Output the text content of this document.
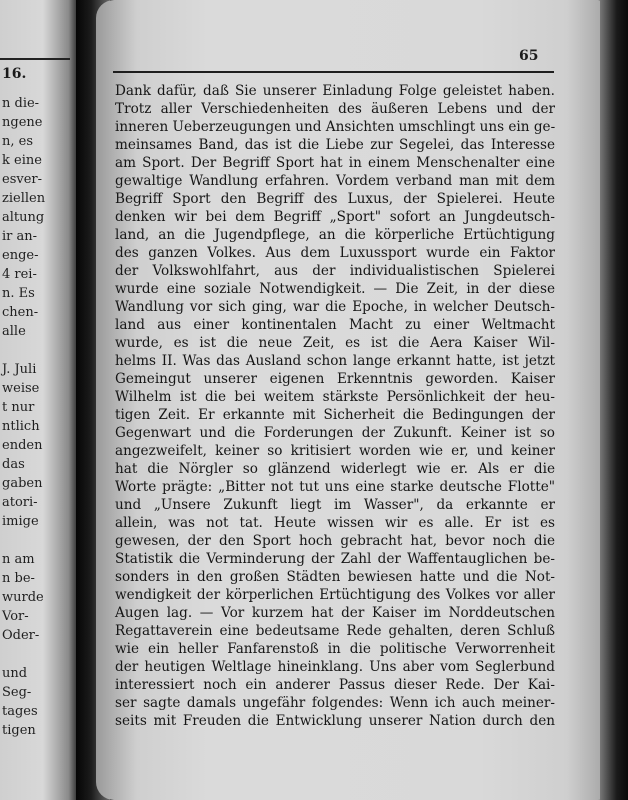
16.
n die-
ngene
n, es
k eine
esver-
ziellen
altung
ir an-
enge-
4 rei-
n. Es
chen-
alle
J. Juli
weise
t nur
ntlich
enden
das
gaben
atori-
imige
n am
n be-
wurde
Vor-
Oder-
und
Seg-
tages
tigen
65
Dank dafür, daß Sie unserer Einladung Folge geleistet haben.
Trotz aller Verschiedenheiten des äußeren Lebens und der
inneren Ueberzeugungen und Ansichten umschlingt uns ein ge-
meinsames Band, das ist die Liebe zur Segelei, das Interesse
am Sport. Der Begriff Sport hat in einem Menschenalter eine
gewaltige Wandlung erfahren. Vordem verband man mit dem
Begriff Sport den Begriff des Luxus, der Spielerei. Heute
denken wir bei dem Begriff „Sport" sofort an Jungdeutsch-
land, an die Jugendpflege, an die körperliche Ertüchtigung
des ganzen Volkes. Aus dem Luxussport wurde ein Faktor
der Volkswohlfahrt, aus der individualistischen Spielerei
wurde eine soziale Notwendigkeit. — Die Zeit, in der diese
Wandlung vor sich ging, war die Epoche, in welcher Deutsch-
land aus einer kontinentalen Macht zu einer Weltmacht
wurde, es ist die neue Zeit, es ist die Aera Kaiser Wil-
helms II. Was das Ausland schon lange erkannt hatte, ist jetzt
Gemeingut unserer eigenen Erkenntnis geworden. Kaiser
Wilhelm ist die bei weitem stärkste Persönlichkeit der heu-
tigen Zeit. Er erkannte mit Sicherheit die Bedingungen der
Gegenwart und die Forderungen der Zukunft. Keiner ist so
angezweifelt, keiner so kritisiert worden wie er, und keiner
hat die Nörgler so glänzend widerlegt wie er. Als er die
Worte prägte: „Bitter not tut uns eine starke deutsche Flotte"
und „Unsere Zukunft liegt im Wasser", da erkannte er
allein, was not tat. Heute wissen wir es alle. Er ist es
gewesen, der den Sport hoch gebracht hat, bevor noch die
Statistik die Verminderung der Zahl der Waffentauglichen be-
sonders in den großen Städten bewiesen hatte und die Not-
wendigkeit der körperlichen Ertüchtigung des Volkes vor aller
Augen lag. — Vor kurzem hat der Kaiser im Norddeutschen
Regattaverein eine bedeutsame Rede gehalten, deren Schluß
wie ein heller Fanfarenstoß in die politische Verworrenheit
der heutigen Weltlage hineinklang. Uns aber vom Seglerbund
interessiert noch ein anderer Passus dieser Rede. Der Kai-
ser sagte damals ungefähr folgendes: Wenn ich auch meiner-
seits mit Freuden die Entwicklung unserer Nation durch den
